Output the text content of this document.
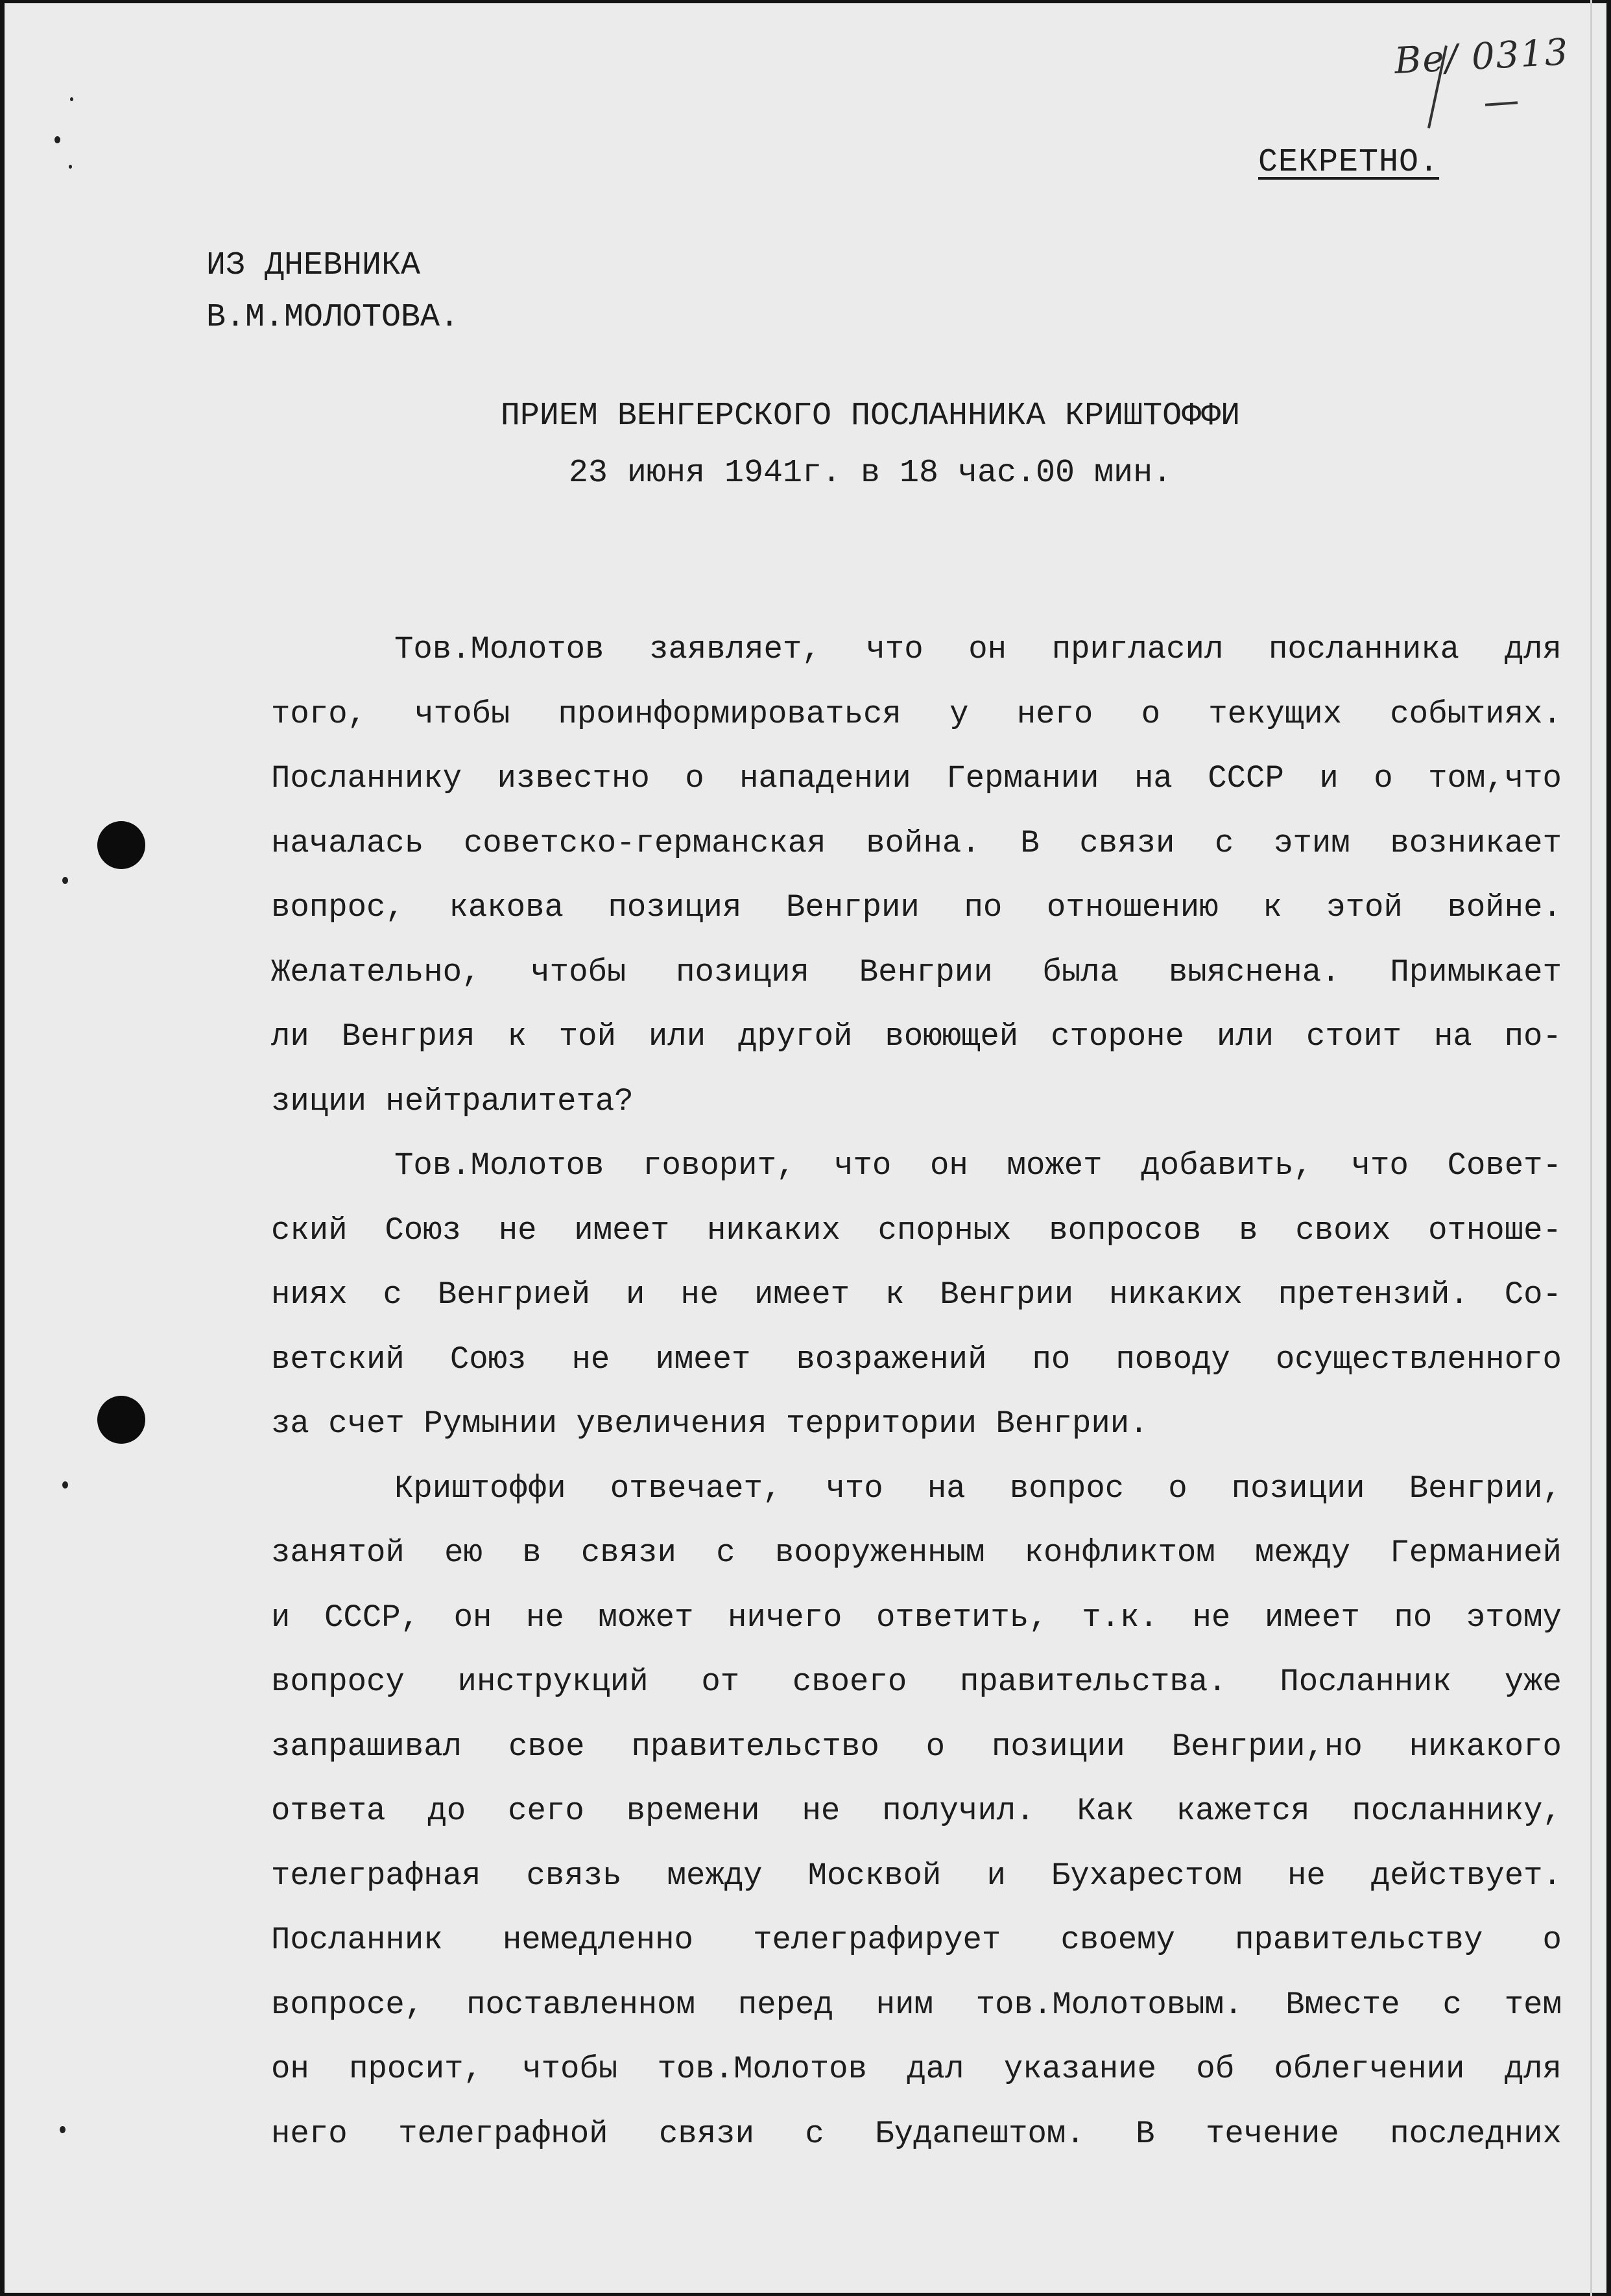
Ве/ 0313
СЕКРЕТНО.
ИЗ ДНЕВНИКА
В.М.МОЛОТОВА.
ПРИЕМ ВЕНГЕРСКОГО ПОСЛАННИКА КРИШТОФФИ
23 июня 1941г. в 18 час.00 мин.
Тов.Молотов заявляет, что он пригласил посланника для
того, чтобы проинформироваться у него о текущих событиях.
Посланнику известно о нападении Германии на СССР и о том,что
началась советско-германская война. В связи с этим возникает
вопрос, какова позиция Венгрии по отношению к этой войне.
Желательно, чтобы позиция Венгрии была выяснена. Примыкает
ли Венгрия к той или другой воюющей стороне или стоит на по-
зиции нейтралитета?
Тов.Молотов говорит, что он может добавить, что Совет-
ский Союз не имеет никаких спорных вопросов в своих отноше-
ниях с Венгрией и не имеет к Венгрии никаких претензий. Со-
ветский Союз не имеет возражений по поводу осуществленного
за счет Румынии увеличения территории Венгрии.
Криштоффи отвечает, что на вопрос о позиции Венгрии,
занятой ею в связи с вооруженным конфликтом между Германией
и СССР, он не может ничего ответить, т.к. не имеет по этому
вопросу инструкций от своего правительства. Посланник уже
запрашивал свое правительство о позиции Венгрии,но никакого
ответа до сего времени не получил. Как кажется посланнику,
телеграфная связь между Москвой и Бухарестом не действует.
Посланник немедленно телеграфирует своему правительству о
вопросе, поставленном перед ним тов.Молотовым. Вместе с тем
он просит, чтобы тов.Молотов дал указание об облегчении для
него телеграфной связи с Будапештом. В течение последних
